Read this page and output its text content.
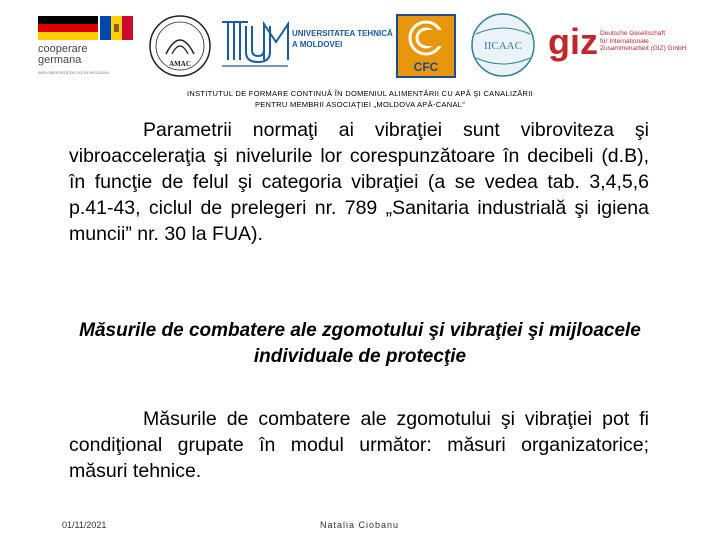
cooperare
germana
IMPLEMENTATĂ DE GIZ ÎN MOLDOVA
AMAC
UNIVERSITATEA TEHNICĂ
A MOLDOVEI
CFC
IICAAC giz Deutsche Gesellschaft
für Internationale
Zusammenarbeit (GIZ) GmbH
INSTITUTUL DE FORMARE CONTINUĂ ÎN DOMENIUL ALIMENTĂRII CU APĂ ŞI CANALIZĂRII
PENTRU MEMBRII ASOCIAŢIEI „MOLDOVA APĂ-CANAL”
Parametrii normaţi ai vibraţiei sunt vibroviteza şi vibroacceleraţia şi nivelurile lor corespunzătoare în decibeli (d.B), în funcţie de felul şi categoria vibraţiei (a se vedea tab. 3,4,5,6 p.41-43, ciclul de prelegeri nr. 789 „Sanitaria industrială şi igiena muncii” nr. 30 la FUA).
Măsurile de combatere ale zgomotului şi vibraţiei şi mijloacele individuale de protecţie
Măsurile de combatere ale zgomotului şi vibraţiei pot fi condiţional grupate în modul următor: măsuri organizatorice; măsuri tehnice.
01/11/2021	Natalia Ciobanu
